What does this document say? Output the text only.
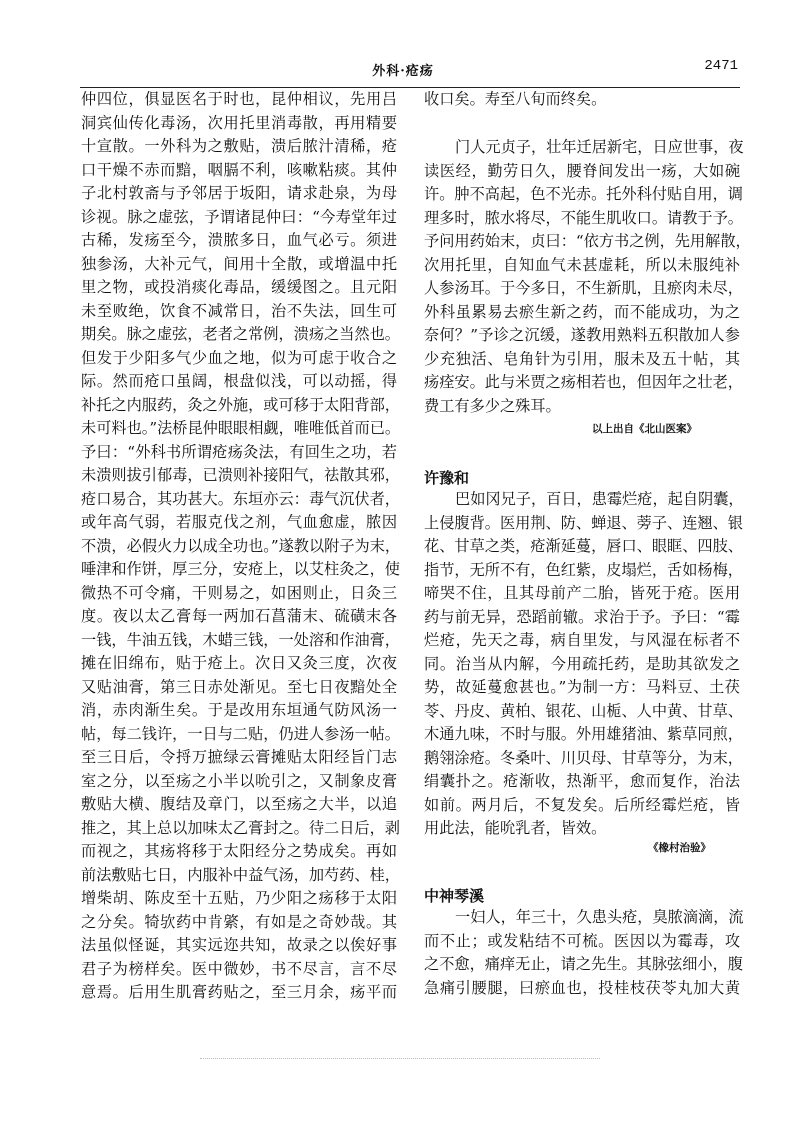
外科·疮疡	2471
仲四位，俱显医名于时也，昆仲相议，先用吕
洞宾仙传化毒汤，次用托里消毒散，再用精要
十宣散。一外科为之敷贴，溃后脓汁清稀，疮
口干燥不赤而黯，咽膈不利，咳嗽粘痰。其仲
子北村敦斋与予邻居于坂阳，请求赴泉，为母
诊视。脉之虚弦，予谓诸昆仲曰：“今寿堂年过
古稀，发疡至今，溃脓多日，血气必亏。须进
独参汤，大补元气，间用十全散，或增温中托
里之物，或投消痰化毒品，缓缓图之。且元阳
未至败绝，饮食不减常日，治不失法，回生可
期矣。脉之虚弦，老者之常例，溃疡之当然也。
但发于少阳多气少血之地，似为可虑于收合之
际。然而疮口虽阔，根盘似浅，可以动摇，得
补托之内服药，灸之外施，或可移于太阳背部，
未可料也。”法桥昆仲眼眼相觑，唯唯低首而已。
予曰：“外科书所谓疮疡灸法，有回生之功，若
未溃则拔引郁毒，已溃则补接阳气，祛散其邪，
疮口易合，其功甚大。东垣亦云：毒气沉伏者，
或年高气弱，若服克伐之剂，气血愈虚，脓因
不溃，必假火力以成全功也。”遂教以附子为末，
唾津和作饼，厚三分，安疮上，以艾柱灸之，使
微热不可令痛，干则易之，如困则止，日灸三
度。夜以太乙膏每一两加石菖蒲末、硫磺末各
一钱，牛油五钱，木蜡三钱，一处溶和作油膏，
摊在旧绵布，贴于疮上。次日又灸三度，次夜
又贴油膏，第三日赤处渐见。至七日夜黯处全
消，赤肉渐生矣。于是改用东垣通气防风汤一
帖，每二钱许，一日与二贴，仍进人参汤一帖。
至三日后，令捋万摭绿云膏摊贴太阳经旨门志
室之分，以至疡之小半以吮引之，又制象皮膏
敷贴大横、腹结及章门，以至疡之大半，以追
推之，其上总以加味太乙膏封之。待二日后，剥
而视之，其疡将移于太阳经分之势成矣。再如
前法敷贴七日，内服补中益气汤，加芍药、桂，
增柴胡、陈皮至十五贴，乃少阳之疡移于太阳
之分矣。犄欤药中肯綮，有如是之奇妙哉。其
法虽似怪诞，其实远迩共知，故录之以俟好事
君子为榜样矣。医中微妙，书不尽言，言不尽
意焉。后用生肌膏药贴之，至三月余，疡平而
收口矣。寿至八旬而终矣。
门人元贞子，壮年迁居新宅，日应世事，夜
读医经，勤劳日久，腰脊间发出一疡，大如碗
许。肿不高起，色不光赤。托外科付贴自用，调
理多时，脓水将尽，不能生肌收口。请教于予。
予问用药始末，贞曰：“依方书之例，先用解散，
次用托里，自知血气未甚虚耗，所以未服纯补
人参汤耳。于今多日，不生新肌，且瘀肉未尽，
外科虽累易去瘀生新之药，而不能成功，为之
奈何？”予诊之沉缓，遂教用熟料五积散加人参
少充独活、皂角针为引用，服未及五十帖，其
疡痊安。此与米贾之疡相若也，但因年之壮老，
费工有多少之殊耳。
以上出自《北山医案》
许豫和
巴如冈兄子，百日，患霉烂疮，起自阴囊，
上侵腹背。医用荆、防、蝉退、蒡子、连翘、银
花、甘草之类，疮渐延蔓，唇口、眼眶、四肢、
指节，无所不有，色红紫，皮塌烂，舌如杨梅，
啼哭不住，且其母前产二胎，皆死于疮。医用
药与前无异，恐蹈前辙。求治于予。予曰：“霉
烂疮，先天之毒，病自里发，与风湿在标者不
同。治当从内解，今用疏托药，是助其欲发之
势，故延蔓愈甚也。”为制一方：马料豆、土茯
苓、丹皮、黄柏、银花、山栀、人中黄、甘草、
木通九味，不时与服。外用雄猪油、紫草同煎，
鹅翎涂疮。冬桑叶、川贝母、甘草等分，为末，
绢囊扑之。疮渐收，热渐平，愈而复作，治法
如前。两月后，不复发矣。后所经霉烂疮，皆
用此法，能吮乳者，皆效。
《橡村治验》
中神琴溪
一妇人，年三十，久患头疮，臭脓滴滴，流
而不止；或发粘结不可梳。医因以为霉毒，攻
之不愈，痛痒无止，请之先生。其脉弦细小，腹
急痛引腰腿，曰瘀血也，投桂枝茯苓丸加大黄
